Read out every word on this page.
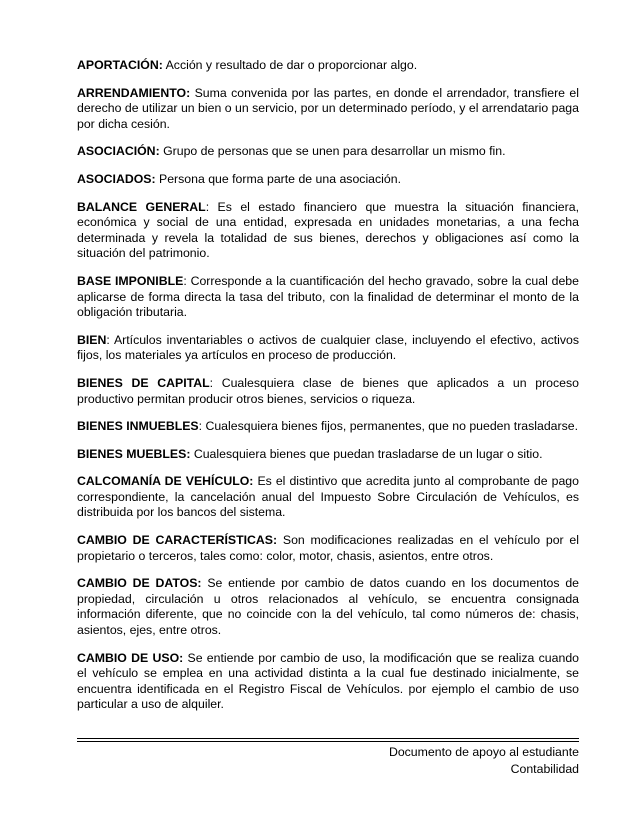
APORTACIÓN: Acción y resultado de dar o proporcionar algo.

ARRENDAMIENTO: Suma convenida por las partes, en donde el arrendador, transfiere el derecho de utilizar un bien o un servicio, por un determinado período, y el arrendatario paga por dicha cesión.

ASOCIACIÓN: Grupo de personas que se unen para desarrollar un mismo fin.

ASOCIADOS: Persona que forma parte de una asociación.

BALANCE GENERAL: Es el estado financiero que muestra la situación financiera, económica y social de una entidad, expresada en unidades monetarias, a una fecha determinada y revela la totalidad de sus bienes, derechos y obligaciones así como la situación del patrimonio.

BASE IMPONIBLE: Corresponde a la cuantificación del hecho gravado, sobre la cual debe aplicarse de forma directa la tasa del tributo, con la finalidad de determinar el monto de la obligación tributaria.

BIEN: Artículos inventariables o activos de cualquier clase, incluyendo el efectivo, activos fijos, los materiales ya artículos en proceso de producción.

BIENES DE CAPITAL: Cualesquiera clase de bienes que aplicados a un proceso productivo permitan producir otros bienes, servicios o riqueza.

BIENES INMUEBLES: Cualesquiera bienes fijos, permanentes, que no pueden trasladarse.

BIENES MUEBLES: Cualesquiera bienes que puedan trasladarse de un lugar o sitio.

CALCOMANÍA DE VEHÍCULO: Es el distintivo que acredita junto al comprobante de pago correspondiente, la cancelación anual del Impuesto Sobre Circulación de Vehículos, es distribuida por los bancos del sistema.

CAMBIO DE CARACTERÍSTICAS: Son modificaciones realizadas en el vehículo por el propietario o terceros, tales como: color, motor, chasis, asientos, entre otros.

CAMBIO DE DATOS: Se entiende por cambio de datos cuando en los documentos de propiedad, circulación u otros relacionados al vehículo, se encuentra consignada información diferente, que no coincide con la del vehículo, tal como números de: chasis, asientos, ejes, entre otros.

CAMBIO DE USO: Se entiende por cambio de uso, la modificación que se realiza cuando el vehículo se emplea en una actividad distinta a la cual fue destinado inicialmente, se encuentra identificada en el Registro Fiscal de Vehículos. por ejemplo el cambio de uso particular a uso de alquiler.

Documento de apoyo al estudiante
Contabilidad
